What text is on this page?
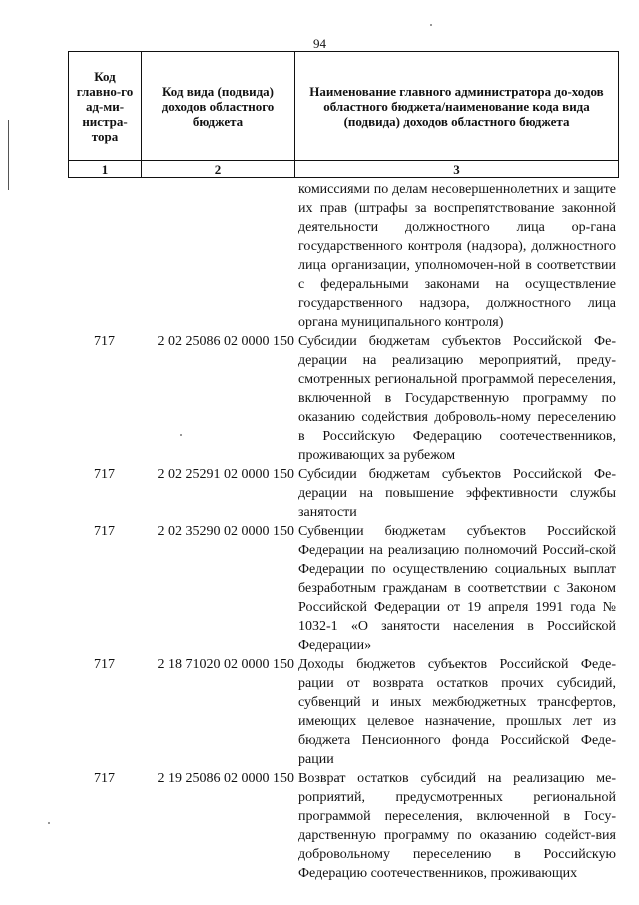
94
Код главно-го ад-ми-нистра-тора	Код вида (подвида) доходов областного бюджета	Наименование главного администратора до-ходов областного бюджета/наименование кода вида (подвида) доходов областного бюджета

1	2	3
комиссиями по делам несовершеннолетних и защите их прав (штрафы за воспрепятствование законной деятельности должностного лица ор-гана государственного контроля (надзора), должностного лица организации, уполномочен-ной в соответствии с федеральными законами на осуществление государственного надзора, должностного лица органа муниципального контроля)
717	2 02 25086 02 0000 150 Субсидии бюджетам субъектов Российской Фе-дерации на реализацию мероприятий, преду-смотренных региональной программой переселения, включенной в Государственную программу по оказанию содействия доброволь-ному переселению в Российскую Федерацию соотечественников, проживающих за рубежом
717	2 02 25291 02 0000 150 Субсидии бюджетам субъектов Российской Фе-дерации на повышение эффективности службы занятости
717	2 02 35290 02 0000 150 Субвенции бюджетам субъектов Российской Федерации на реализацию полномочий Россий-ской Федерации по осуществлению социальных выплат безработным гражданам в соответствии с Законом Российской Федерации от 19 апреля 1991 года № 1032-1 «О занятости населения в Российской Федерации»
717	2 18 71020 02 0000 150 Доходы бюджетов субъектов Российской Феде-рации от возврата остатков прочих субсидий, субвенций и иных межбюджетных трансфертов, имеющих целевое назначение, прошлых лет из бюджета Пенсионного фонда Российской Феде-рации
717	2 19 25086 02 0000 150 Возврат остатков субсидий на реализацию ме-роприятий, предусмотренных региональной программой переселения, включенной в Госу-дарственную программу по оказанию содейст-вия добровольному переселению в Российскую Федерацию соотечественников, проживающих
